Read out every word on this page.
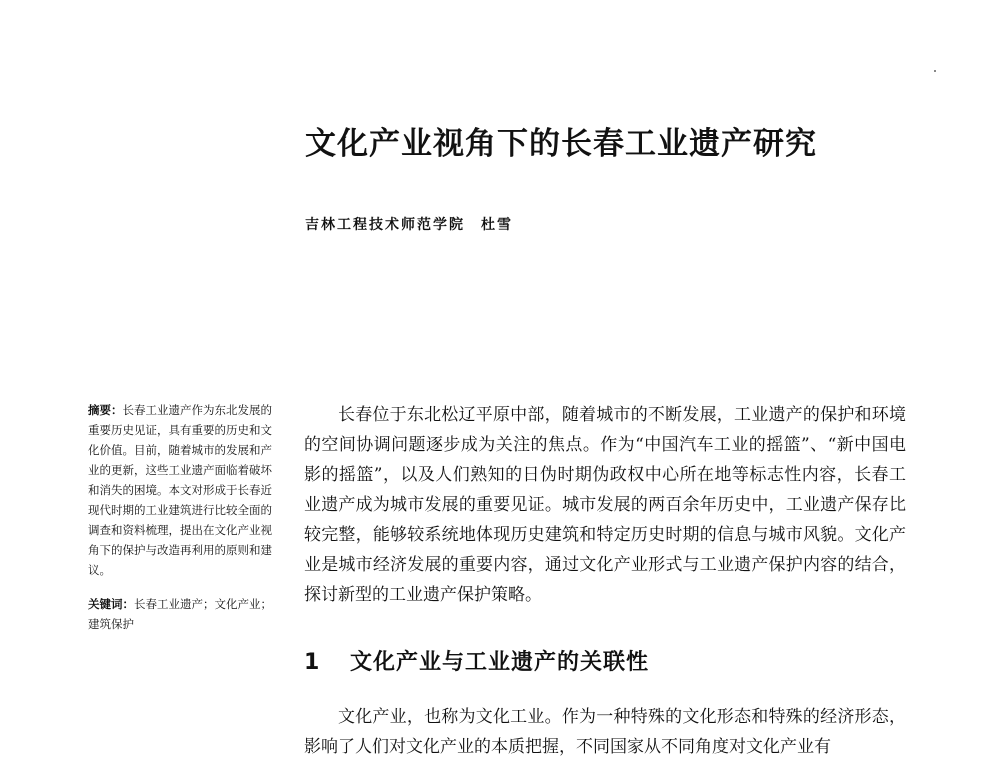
文化产业视角下的长春工业遗产研究
吉林工程技术师范学院　杜雪
摘要：长春工业遗产作为东北发展的重要历史见证，具有重要的历史和文化价值。目前，随着城市的发展和产业的更新，这些工业遗产面临着破坏和消失的困境。本文对形成于长春近现代时期的工业建筑进行比较全面的调查和资料梳理，提出在文化产业视角下的保护与改造再利用的原则和建议。
关键词：长春工业遗产；文化产业；建筑保护

长春位于东北松辽平原中部，随着城市的不断发展，工业遗产的保护和环境的空间协调问题逐步成为关注的焦点。作为“中国汽车工业的摇篮”、“新中国电影的摇篮”，以及人们熟知的日伪时期伪政权中心所在地等标志性内容，长春工业遗产成为城市发展的重要见证。城市发展的两百余年历史中，工业遗产保存比较完整，能够较系统地体现历史建筑和特定历史时期的信息与城市风貌。文化产业是城市经济发展的重要内容，通过文化产业形式与工业遗产保护内容的结合，探讨新型的工业遗产保护策略。

1 文化产业与工业遗产的关联性

文化产业，也称为文化工业。作为一种特殊的文化形态和特殊的经济形态，影响了人们对文化产业的本质把握，不同国家从不同角度对文化产业有
